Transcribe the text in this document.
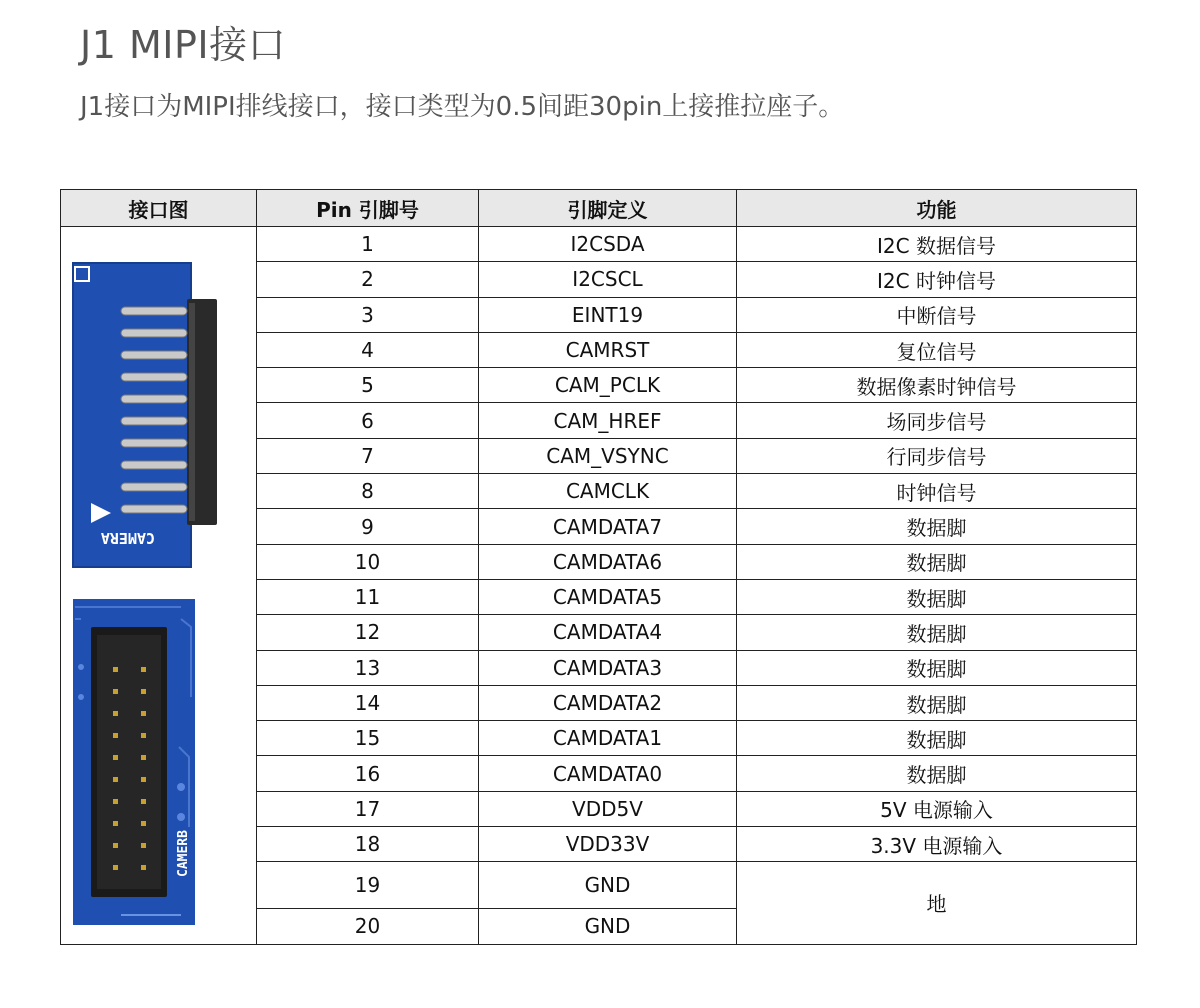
J1 MIPI接口
J1接口为MIPI排线接口，接口类型为0.5间距30pin上接推拉座子。
接口图	Pin 引脚号	引脚定义	功能

CAMERA
CAMERB	1	I2CSDA	I2C 数据信号
	2	I2CSCL	I2C 时钟信号
	3	EINT19	中断信号
	4	CAMRST	复位信号
	5	CAM_PCLK	数据像素时钟信号
	6	CAM_HREF	场同步信号
	7	CAM_VSYNC	行同步信号
	8	CAMCLK	时钟信号
	9	CAMDATA7	数据脚
	10	CAMDATA6	数据脚
	11	CAMDATA5	数据脚
	12	CAMDATA4	数据脚
	13	CAMDATA3	数据脚
	14	CAMDATA2	数据脚
	15	CAMDATA1	数据脚
	16	CAMDATA0	数据脚
	17	VDD5V	5V 电源输入
	18	VDD33V	3.3V 电源输入
	19	GND	地
	20	GND	
